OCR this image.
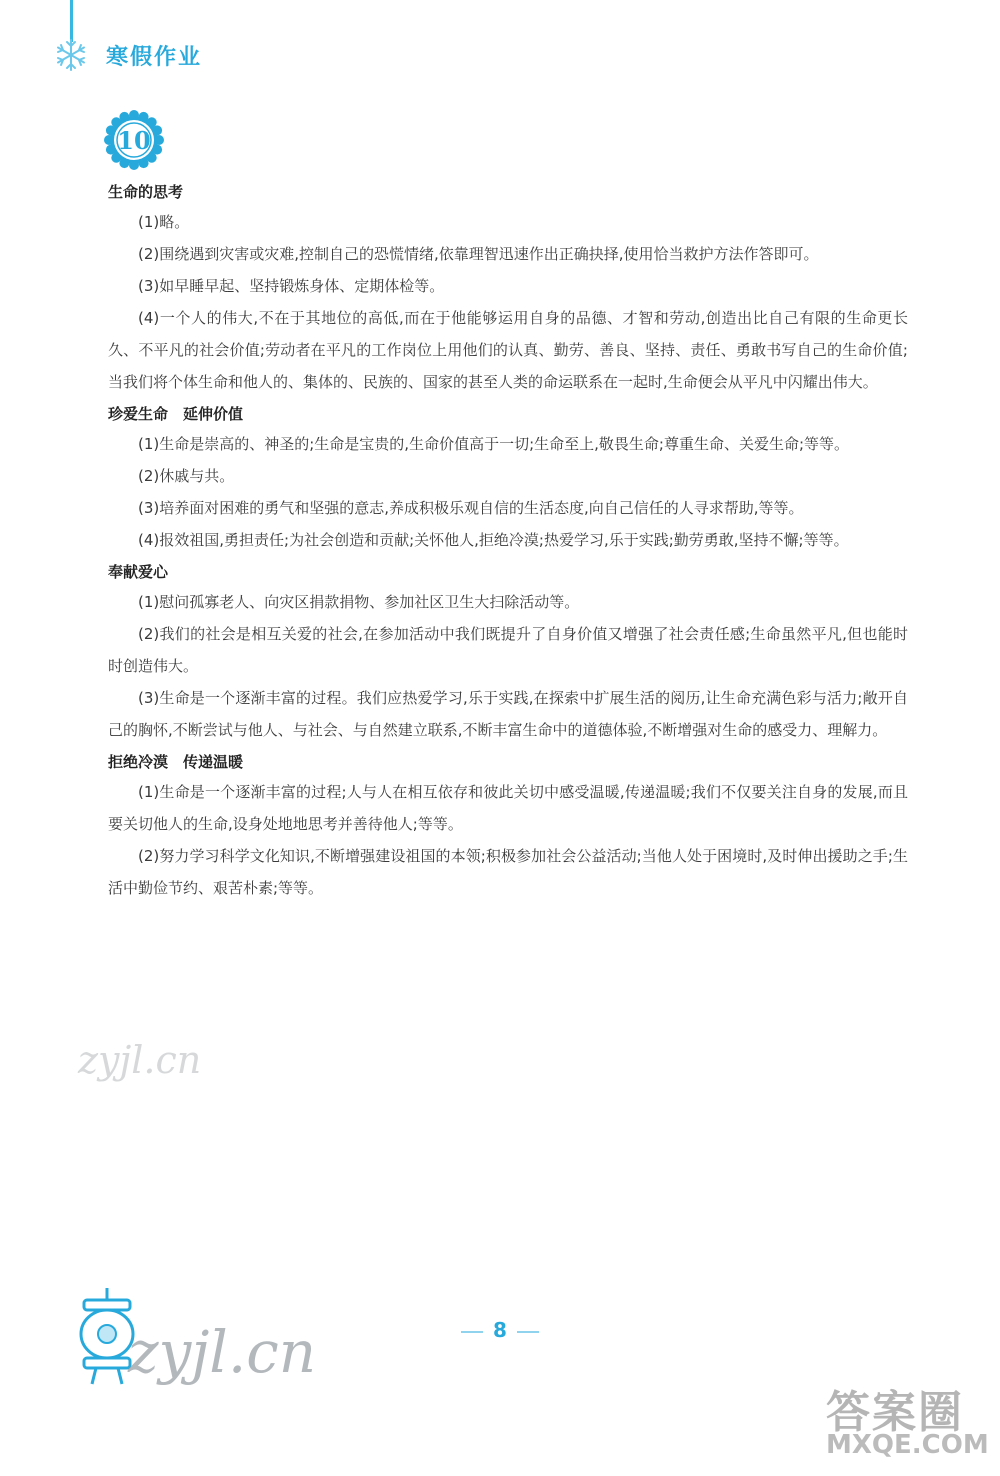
寒假作业
10
生命的思考

(1)略。

(2)围绕遇到灾害或灾难,控制自己的恐慌情绪,依靠理智迅速作出正确抉择,使用恰当救护方法作答即可。

(3)如早睡早起、坚持锻炼身体、定期体检等。

(4)一个人的伟大,不在于其地位的高低,而在于他能够运用自身的品德、才智和劳动,创造出比自己有限的生命更长久、不平凡的社会价值;劳动者在平凡的工作岗位上用他们的认真、勤劳、善良、坚持、责任、勇敢书写自己的生命价值;当我们将个体生命和他人的、集体的、民族的、国家的甚至人类的命运联系在一起时,生命便会从平凡中闪耀出伟大。

珍爱生命　延伸价值

(1)生命是崇高的、神圣的;生命是宝贵的,生命价值高于一切;生命至上,敬畏生命;尊重生命、关爱生命;等等。

(2)休戚与共。

(3)培养面对困难的勇气和坚强的意志,养成积极乐观自信的生活态度,向自己信任的人寻求帮助,等等。

(4)报效祖国,勇担责任;为社会创造和贡献;关怀他人,拒绝冷漠;热爱学习,乐于实践;勤劳勇敢,坚持不懈;等等。

奉献爱心

(1)慰问孤寡老人、向灾区捐款捐物、参加社区卫生大扫除活动等。

(2)我们的社会是相互关爱的社会,在参加活动中我们既提升了自身价值又增强了社会责任感;生命虽然平凡,但也能时时创造伟大。

(3)生命是一个逐渐丰富的过程。我们应热爱学习,乐于实践,在探索中扩展生活的阅历,让生命充满色彩与活力;敞开自己的胸怀,不断尝试与他人、与社会、与自然建立联系,不断丰富生命中的道德体验,不断增强对生命的感受力、理解力。

拒绝冷漠　传递温暖

(1)生命是一个逐渐丰富的过程;人与人在相互依存和彼此关切中感受温暖,传递温暖;我们不仅要关注自身的发展,而且要关切他人的生命,设身处地地思考并善待他人;等等。

(2)努力学习科学文化知识,不断增强建设祖国的本领;积极参加社会公益活动;当他人处于困境时,及时伸出援助之手;生活中勤俭节约、艰苦朴素;等等。

zyjl.cn
zyjl.cn	8
答案圈
MXQE.COM
